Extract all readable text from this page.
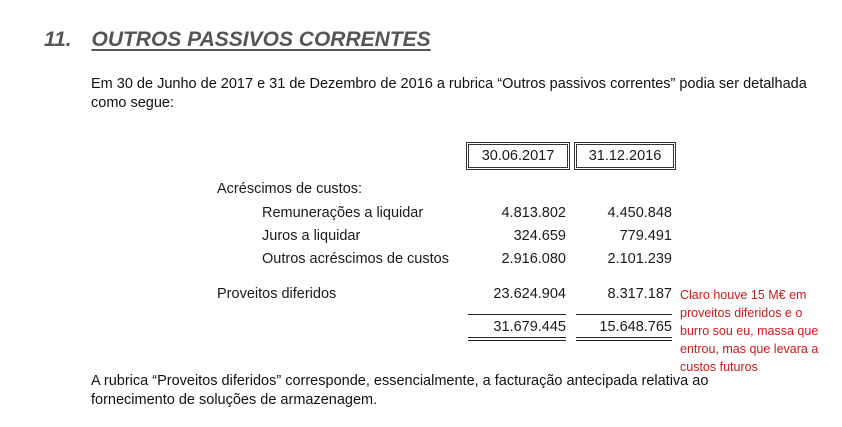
11. OUTROS PASSIVOS CORRENTES
Em 30 de Junho de 2017 e 31 de Dezembro de 2016 a rubrica “Outros passivos correntes” podia ser detalhada como segue:
30.06.2017	31.12.2016
Acréscimos de custos:
Remunerações a liquidar	4.813.802	4.450.848
Juros a liquidar	324.659	779.491
Outros acréscimos de custos	2.916.080	2.101.239
Proveitos diferidos	23.624.904	8.317.187
31.679.445	15.648.765
Claro houve 15 M€ em proveitos diferidos e o burro sou eu, massa que entrou, mas que levara a custos futuros
A rubrica “Proveitos diferidos” corresponde, essencialmente, a facturação antecipada relativa ao fornecimento de soluções de armazenagem.
